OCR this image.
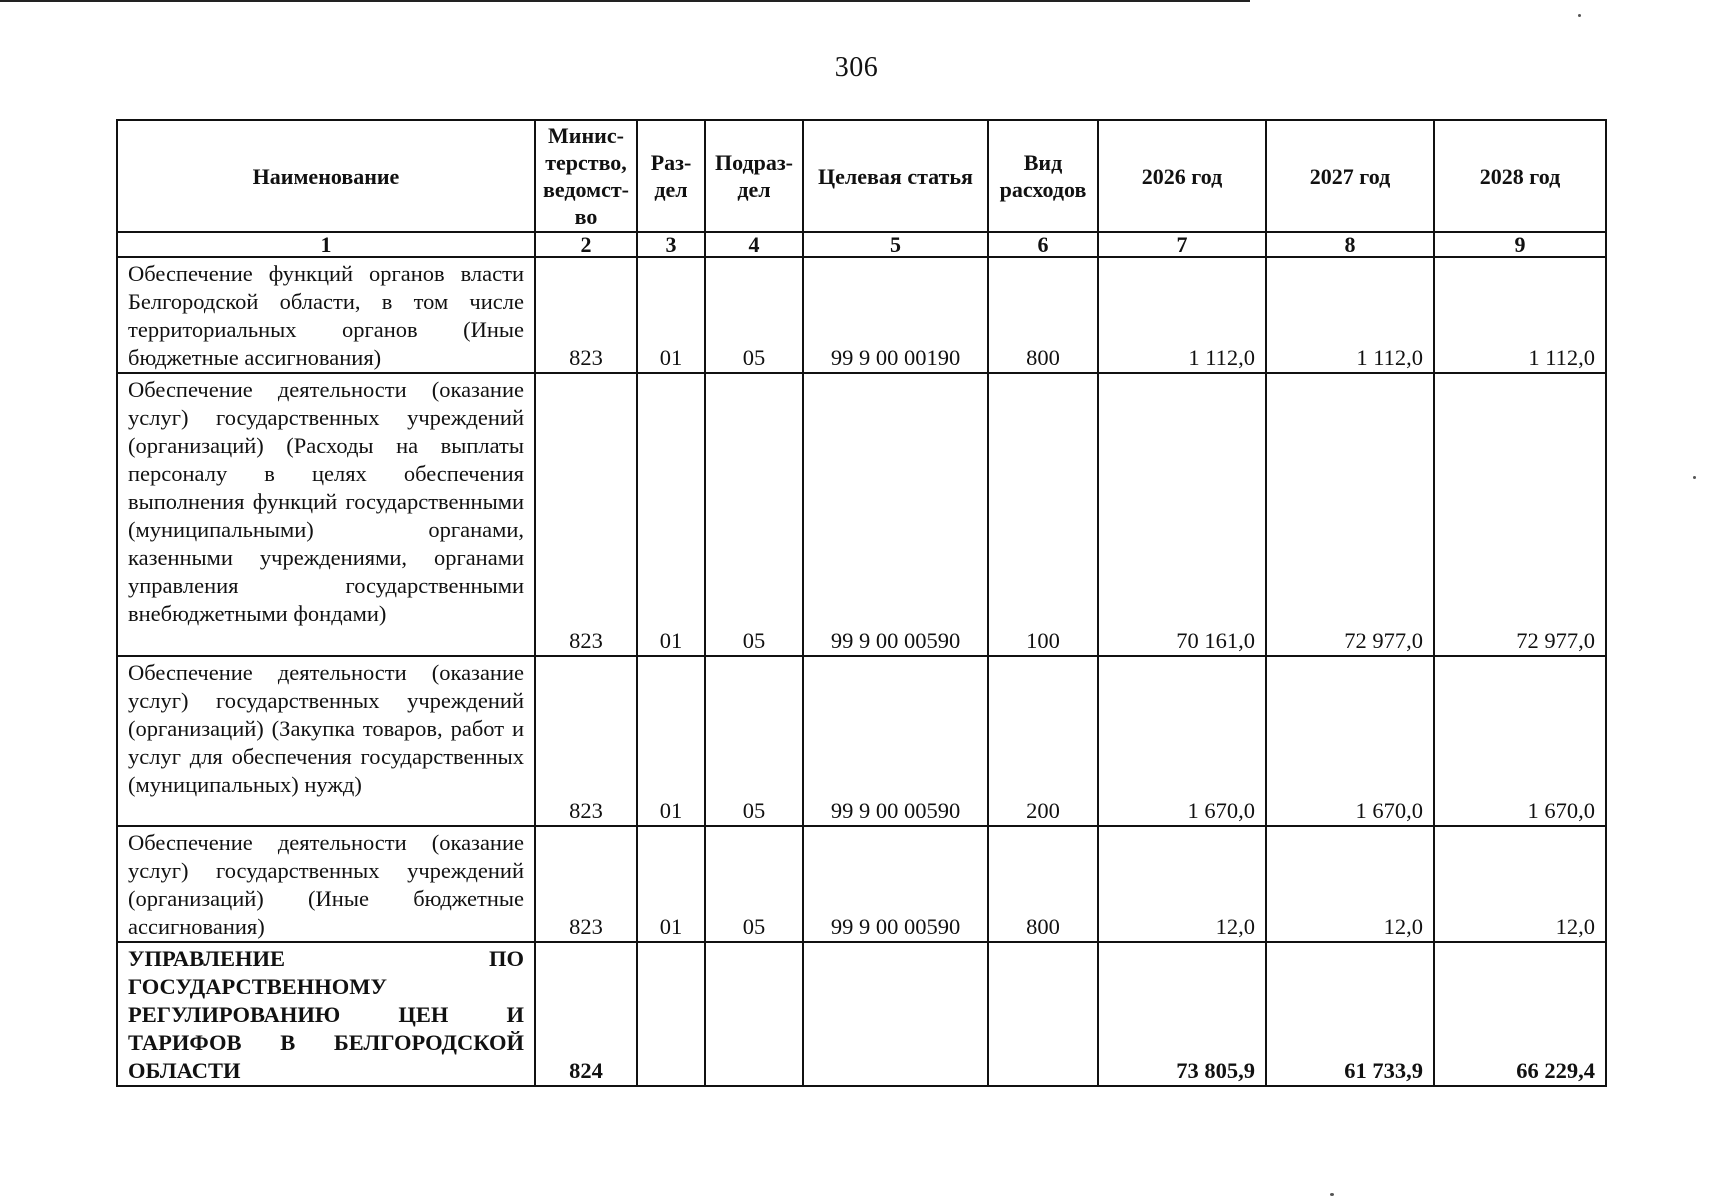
306
Наименование	Минис-терство, ведомст-во	Раз-дел	Подраз-дел	Целевая статья	Вид расходов	2026 год	2027 год	2028 год
1	2	3	4	5	6	7	8	9
Обеспечение функций органов власти Белгородской области, в том числе территориальных органов (Иные бюджетные ассигнования)	823	01	05	99 9 00 00190	800	1 112,0	1 112,0	1 112,0
Обеспечение деятельности (оказание услуг) государственных учреждений (организаций) (Расходы на выплаты персоналу в целях обеспечения выполнения функций государственными (муниципальными) органами, казенными учреждениями, органами управления государственными внебюджетными фондами)	823	01	05	99 9 00 00590	100	70 161,0	72 977,0	72 977,0
Обеспечение деятельности (оказание услуг) государственных учреждений (организаций) (Закупка товаров, работ и услуг для обеспечения государственных (муниципальных) нужд)	823	01	05	99 9 00 00590	200	1 670,0	1 670,0	1 670,0
Обеспечение деятельности (оказание услуг) государственных учреждений (организаций) (Иные бюджетные ассигнования)	823	01	05	99 9 00 00590	800	12,0	12,0	12,0
УПРАВЛЕНИЕ ПО ГОСУДАРСТВЕННОМУ РЕГУЛИРОВАНИЮ ЦЕН И ТАРИФОВ В БЕЛГОРОДСКОЙ ОБЛАСТИ	824					73 805,9	61 733,9	66 229,4
